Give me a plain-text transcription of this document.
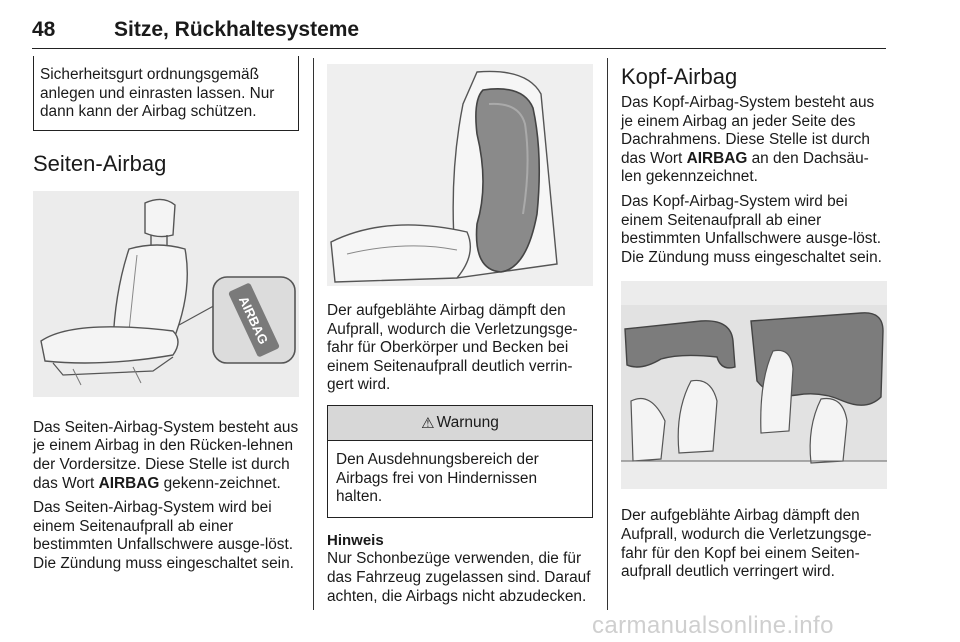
48	Sitze, Rückhaltesysteme

Sicherheitsgurt ordnungsgemäß anlegen und einrasten lassen. Nur dann kann der Airbag schützen.

Seiten-Airbag
AIRBAG

Das Seiten-Airbag-System besteht aus je einem Airbag in den Rücken-lehnen der Vordersitze. Diese Stelle ist durch das Wort AIRBAG gekenn-zeichnet.

Das Seiten-Airbag-System wird bei einem Seitenaufprall ab einer bestimmten Unfallschwere ausge-löst. Die Zündung muss eingeschaltet sein.

Der aufgeblähte Airbag dämpft den Aufprall, wodurch die Verletzungsge-fahr für Oberkörper und Becken bei einem Seitenaufprall deutlich verrin-gert wird.

⚠ Warnung

Den Ausdehnungsbereich der Airbags frei von Hindernissen halten.

Hinweis

Nur Schonbezüge verwenden, die für das Fahrzeug zugelassen sind. Darauf achten, die Airbags nicht abzudecken.

Kopf-Airbag

Das Kopf-Airbag-System besteht aus je einem Airbag an jeder Seite des Dachrahmens. Diese Stelle ist durch das Wort AIRBAG an den Dachsäu-len gekennzeichnet.

Das Kopf-Airbag-System wird bei einem Seitenaufprall ab einer bestimmten Unfallschwere ausge-löst. Die Zündung muss eingeschaltet sein.

Der aufgeblähte Airbag dämpft den Aufprall, wodurch die Verletzungsge-fahr für den Kopf bei einem Seiten-aufprall deutlich verringert wird.

carmanualsonline.info
